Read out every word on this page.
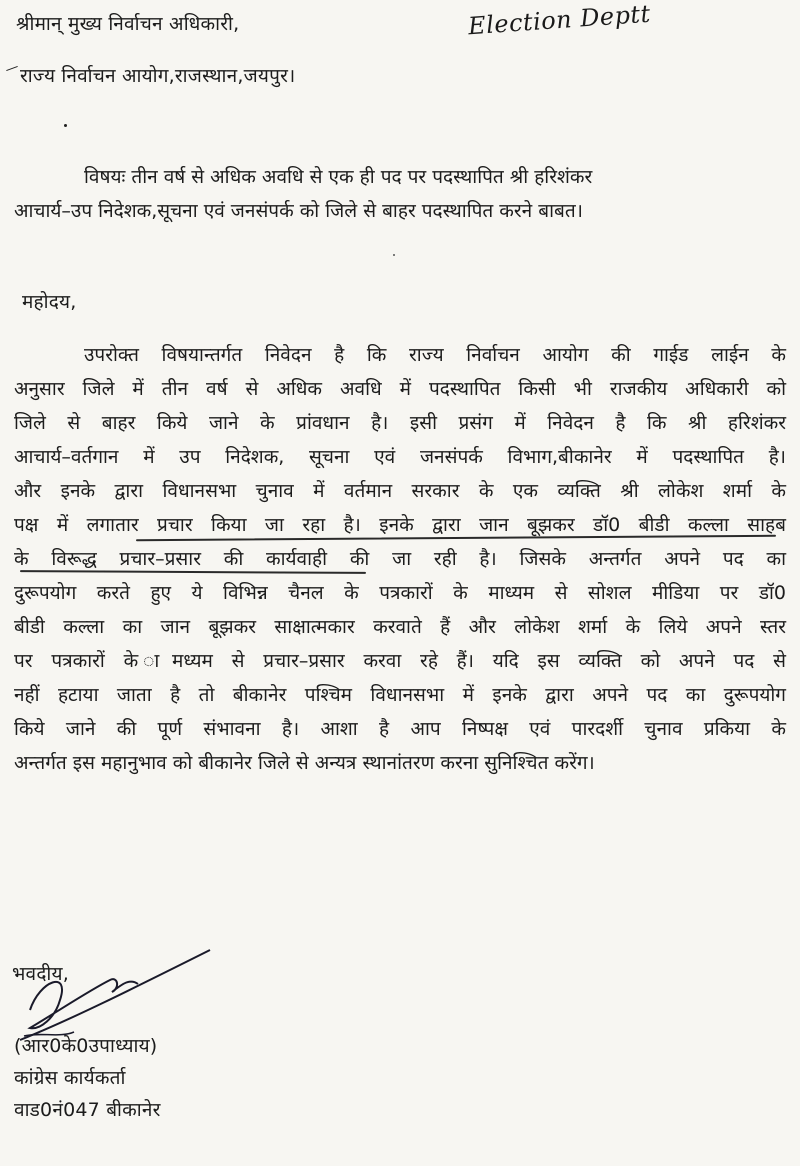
Election Deptt
श्रीमान् मुख्य निर्वाचन अधिकारी,
राज्य निर्वाचन आयोग,राजस्थान,जयपुर।

विषयः तीन वर्ष से अधिक अवधि से एक ही पद पर पदस्थापित श्री हरिशंकर

आचार्य–उप निदेशक,सूचना एवं जनसंपर्क को जिले से बाहर पदस्थापित करने बाबत।

महोदय,
उपरोक्त विषयान्तर्गत निवेदन है कि राज्य निर्वाचन आयोग की गाईड लाईन के
अनुसार जिले में तीन वर्ष से अधिक अवधि में पदस्थापित किसी भी राजकीय अधिकारी को
जिले से बाहर किये जाने के प्रांवधान है। इसी प्रसंग में निवेदन है कि श्री हरिशंकर
आचार्य–वर्तगान में उप निदेशक, सूचना एवं जनसंपर्क विभाग,बीकानेर में पदस्थापित है।
और इनके द्वारा विधानसभा चुनाव में वर्तमान सरकार के एक व्यक्ति श्री लोकेश शर्मा के
पक्ष में लगातार प्रचार किया जा रहा है। इनके द्वारा जान बूझकर डॉ0 बीडी कल्ला साहब
के विरूद्ध प्रचार–प्रसार की कार्यवाही की जा रही है। जिसके अन्तर्गत अपने पद का
दुरूपयोग करते हुए ये विभिन्न चैनल के पत्रकारों के माध्यम से सोशल मीडिया पर डॉ0
बीडी कल्ला का जान बूझकर साक्षात्मकार करवाते हैं और लोकेश शर्मा के लिये अपने स्तर
पर पत्रकारों के ामध्यम से प्रचार–प्रसार करवा रहे हैं। यदि इस व्यक्ति को अपने पद से
नहीं हटाया जाता है तो बीकानेर पश्चिम विधानसभा में इनके द्वारा अपने पद का दुरूपयोग
किये जाने की पूर्ण संभावना है। आशा है आप निष्पक्ष एवं पारदर्शी चुनाव प्रकिया के
अन्तर्गत इस महानुभाव को बीकानेर जिले से अन्यत्र स्थानांतरण करना सुनिश्चित करेंग।
भवदीय,
(आर0के0उपाध्याय)
कांग्रेस कार्यकर्ता
वाड0नं047 बीकानेर
